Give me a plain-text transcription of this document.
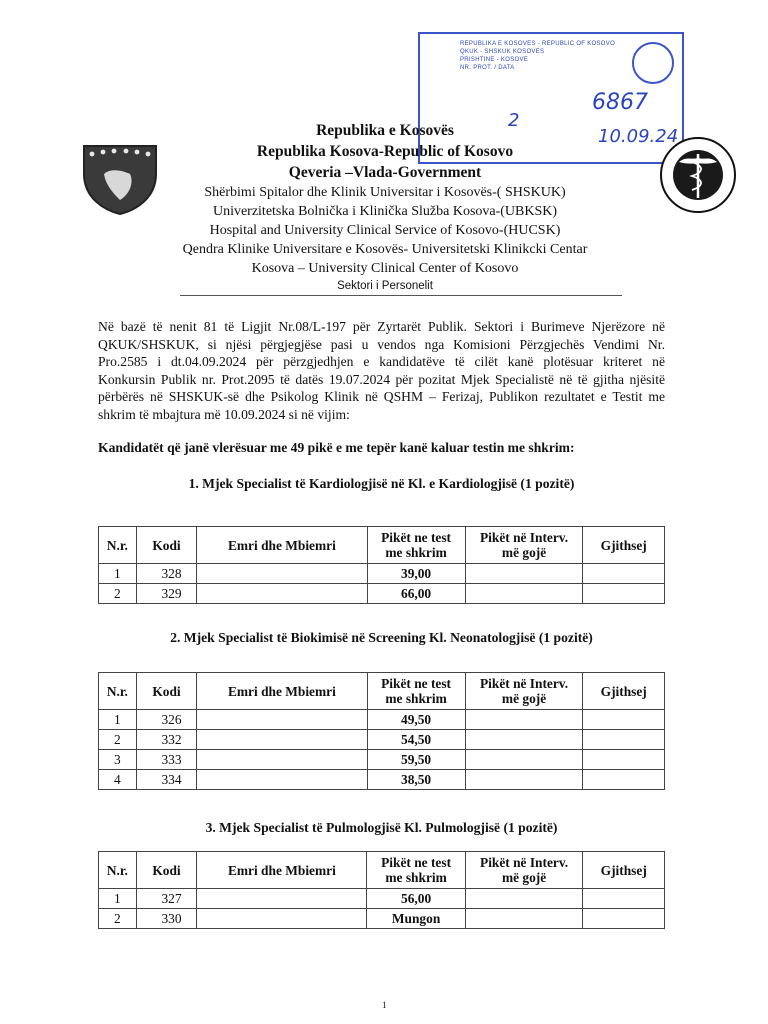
REPUBLIKA E KOSOVES - REPUBLIC OF KOSOVO
QKUK - SHSKUK KOSOVES
PRISHTINE - KOSOVE
NR. PROT. / DATA
2
6867
10.09.24
Republika e Kosovës
Republika Kosova-Republic of Kosovo
Qeveria –Vlada-Government
Shërbimi Spitalor dhe Klinik Universitar i Kosovës-( SHSKUK)
Univerzitetska Bolnička i Klinička Služba Kosova-(UBKSK)
Hospital and University Clinical Service of Kosovo-(HUCSK)
Qendra Klinike Universitare e Kosovës- Universitetski Klinikcki Centar
Kosova – University Clinical Center of Kosovo
Sektori i Personelit
Në bazë të nenit 81 të Ligjit Nr.08/L-197 për Zyrtarët Publik. Sektori i Burimeve Njerëzore në
QKUK/SHSKUK, si njësi përgjegjëse pasi u vendos nga Komisioni Përzgjechës Vendimi Nr.
Pro.2585 i dt.04.09.2024 për përzgjedhjen e kandidatëve të cilët kanë plotësuar kriteret në
Konkursin Publik nr. Prot.2095 të datës 19.07.2024 për pozitat Mjek Specialistë në të gjitha njësitë
përbërës në SHSKUK-së dhe Psikolog Klinik në QSHM – Ferizaj, Publikon rezultatet e Testit me
shkrim të mbajtura më 10.09.2024 si në vijim:
Kandidatët që janë vlerësuar me 49 pikë e me tepër kanë kaluar testin me shkrim:
1. Mjek Specialist të Kardiologjisë në Kl. e Kardiologjisë (1 pozitë)
N.r.	Kodi	Emri dhe Mbiemri	Pikët ne test
me shkrim	Pikët në Interv.
më gojë	Gjithsej
1	328		39,00		
2	329		66,00		
2. Mjek Specialist të Biokimisë në Screening Kl. Neonatologjisë (1 pozitë)
N.r.	Kodi	Emri dhe Mbiemri	Pikët ne test
me shkrim	Pikët në Interv.
më gojë	Gjithsej
1	326		49,50		
2	332		54,50		
3	333		59,50		
4	334		38,50		
3. Mjek Specialist të Pulmologjisë Kl. Pulmologjisë (1 pozitë)
N.r.	Kodi	Emri dhe Mbiemri	Pikët ne test
me shkrim	Pikët në Interv.
më gojë	Gjithsej
1	327		56,00		
2	330		Mungon		
1
